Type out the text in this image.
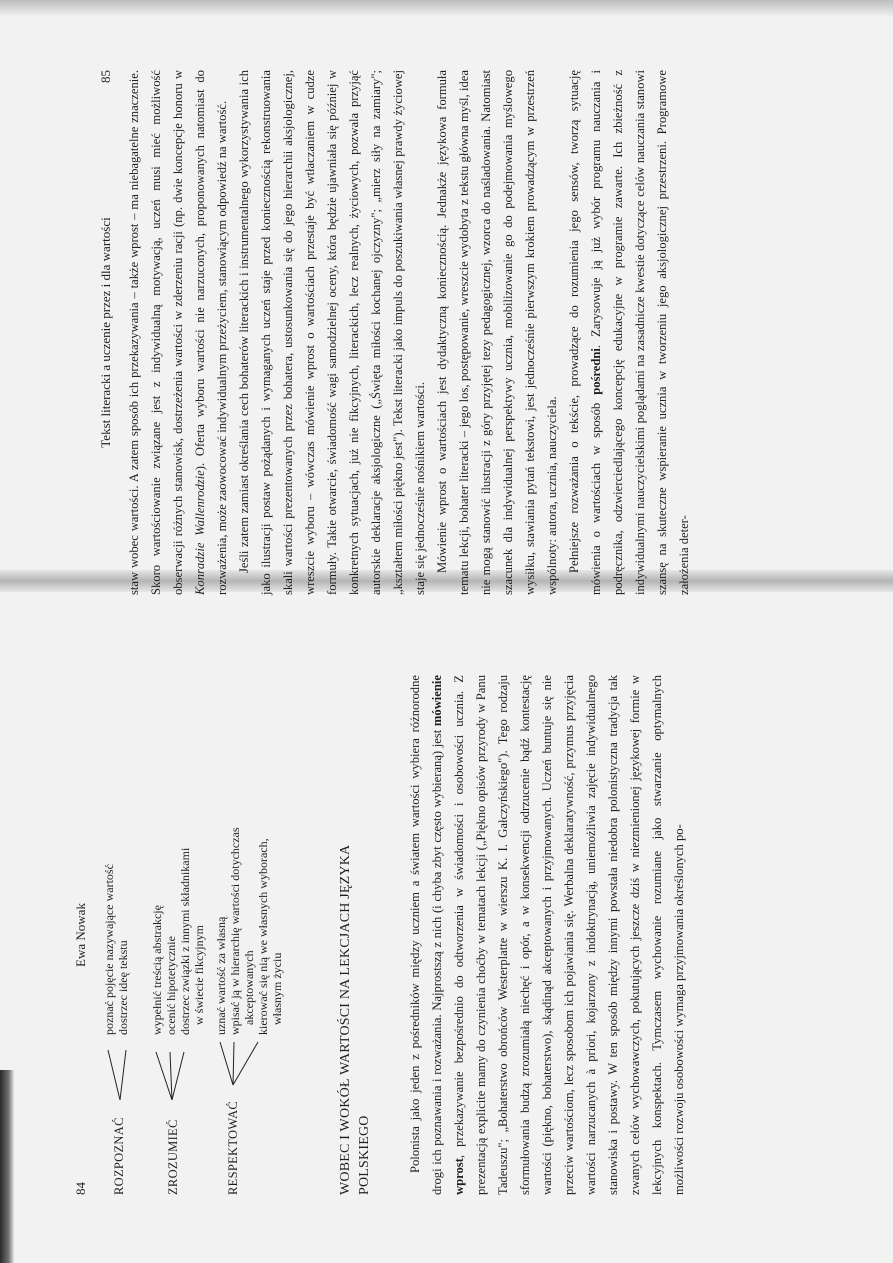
84
Ewa Nowak
ROZPOZNAĆ
poznać pojęcie nazywające wartość dostrzec ideę tekstu
ZROZUMIEĆ
wypełnić treścią abstrakcję ocenić hipotetycznie dostrzec związki z innymi składnikami w świecie fikcyjnym
RESPEKTOWAĆ
uznać wartość za własną wpisać ją w hierarchię wartości dotychczas akceptowanych kierować się nią we własnych wyborach, własnym życiu	WOBEC I WOKÓŁ WARTOŚCI NA LEKCJACH JĘZYKA POLSKIEGO	Polonista jako jeden z pośredników między uczniem a światem wartości wybiera różnorodne drogi ich poznawania i rozważania. Najprostszą z nich (i chyba zbyt często wybieraną) jest mówienie wprost, przekazywanie bezpośrednio do odtworzenia w świadomości i osobowości ucznia. Z prezentacją explicite mamy do czynienia choćby w tematach lekcji („Piękno opisów przyrody w Panu Tadeuszu"; „Bohaterstwo obrońców Westerplatte w wierszu K. I. Gałczyńskiego"). Tego rodzaju sformułowania budzą zrozumiałą niechęć i opór, a w konsekwencji odrzucenie bądź kontestację wartości (piękno, bohaterstwo), skądinąd akceptowanych i przyjmowanych. Uczeń buntuje się nie przeciw wartościom, lecz sposobom ich pojawiania się. Werbalna deklaratywność, przymus przyjęcia wartości narzucanych à priori, kojarzony z indoktrynacją, uniemożliwia zajęcie indywidualnego stanowiska i postawy. W ten sposób między innymi powstała niedobra polonistyczna tradycja tak zwanych celów wychowawczych, pokutujących jeszcze dziś w niezmienionej językowej formie w lekcyjnych konspektach. Tymczasem wychowanie rozumiane jako stwarzanie optymalnych możliwości rozwoju osobowości wymaga przyjmowania określonych po-

Tekst literacki a uczenie przez i dla wartości
85	staw wobec wartości. A zatem sposób ich przekazywania – także wprost – ma niebagatelne znaczenie. Skoro wartościowanie związane jest z indywidualną motywacją, uczeń musi mieć możliwość obserwacji różnych stanowisk, dostrzeżenia wartości w zderzeniu racji (np. dwie koncepcje honoru w Konradzie Wallenrodzie). Oferta wyboru wartości nie narzuconych, proponowanych natomiast do rozważenia, może zaowocować indywidualnym przeżyciem, stanowiącym odpowiedź na wartość. Jeśli zatem zamiast określania cech bohaterów literackich i instrumentalnego wykorzystywania ich jako ilustracji postaw pożądanych i wymaganych uczeń staje przed koniecznością rekonstruowania skali wartości prezentowanych przez bohatera, ustosunkowania się do jego hierarchii aksjologicznej, wreszcie wyboru – wówczas mówienie wprost o wartościach przestaje być wtłaczaniem w cudze formuły. Takie otwarcie, świadomość wagi samodzielnej oceny, która będzie ujawniała się później w konkretnych sytuacjach, już nie fikcyjnych, literackich, lecz realnych, życiowych, pozwala przyjąć autorskie deklaracje aksjologiczne („Święta miłości kochanej ojczyzny"; „mierz siły na zamiary"; „kształtem miłości piękno jest"). Tekst literacki jako impuls do poszukiwania własnej prawdy życiowej staje się jednocześnie nośnikiem wartości. Mówienie wprost o wartościach jest dydaktyczną koniecznością. Jednakże językowa formuła tematu lekcji, bohater literacki – jego los, postępowanie, wreszcie wydobyta z tekstu główna myśl, idea nie mogą stanowić ilustracji z góry przyjętej tezy pedagogicznej, wzorca do naśladowania. Natomiast szacunek dla indywidualnej perspektywy ucznia, mobilizowanie go do podejmowania myślowego wysiłku, stawiania pytań tekstowi, jest jednocześnie pierwszym krokiem prowadzącym w przestrzeń wspólnoty: autora, ucznia, nauczyciela. Pełniejsze rozważania o tekście, prowadzące do rozumienia jego sensów, tworzą sytuację mówienia o wartościach w sposób pośredni. Zarysowuje ją już wybór programu nauczania i podręcznika, odzwierciedlającego koncepcję edukacyjne w programie zawarte. Ich zbieżność z indywidualnymi nauczycielskimi poglądami na zasadnicze kwestie dotyczące celów nauczania stanowi szansę na skuteczne wspieranie ucznia w tworzeniu jego aksjologicznej przestrzeni. Programowe założenia deter-
